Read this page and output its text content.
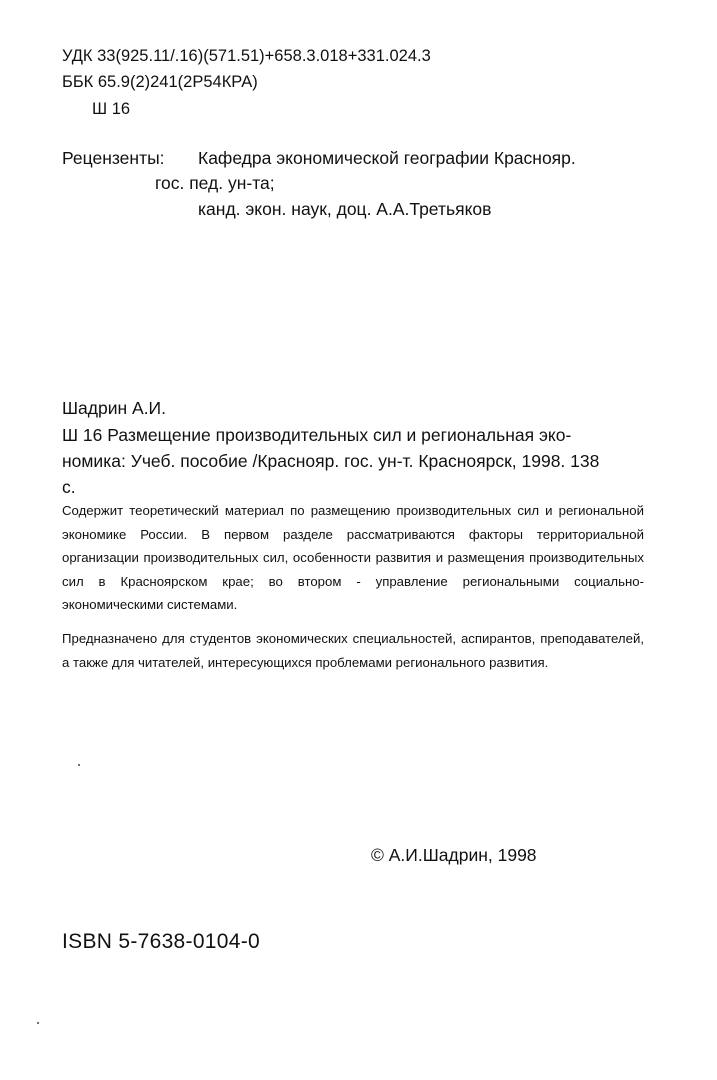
УДК 33(925.11/.16)(571.51)+658.3.018+331.024.3
ББК 65.9(2)241(2Р54КРА)
Ш 16
Рецензенты: Кафедра экономической географии Краснояр.
гос. пед. ун-та;
канд. экон. наук, доц. А.А.Третьяков
Шадрин А.И.
Ш 16 Размещение производительных сил и региональная эко-
номика: Учеб. пособие /Краснояр. гос. ун-т. Красноярск, 1998. 138
с.
Содержит теоретический материал по размещению производительных сил и региональной экономике России. В первом разделе рассматриваются факторы территориальной организации производительных сил, особенности развития и размещения производительных сил в Красноярском крае; во втором - управление региональными социально-экономическими системами.
Предназначено для студентов экономических специальностей, аспирантов, преподавателей, а также для читателей, интересующихся проблемами регионального развития.
© А.И.Шадрин, 1998
ISBN 5-7638-0104-0
